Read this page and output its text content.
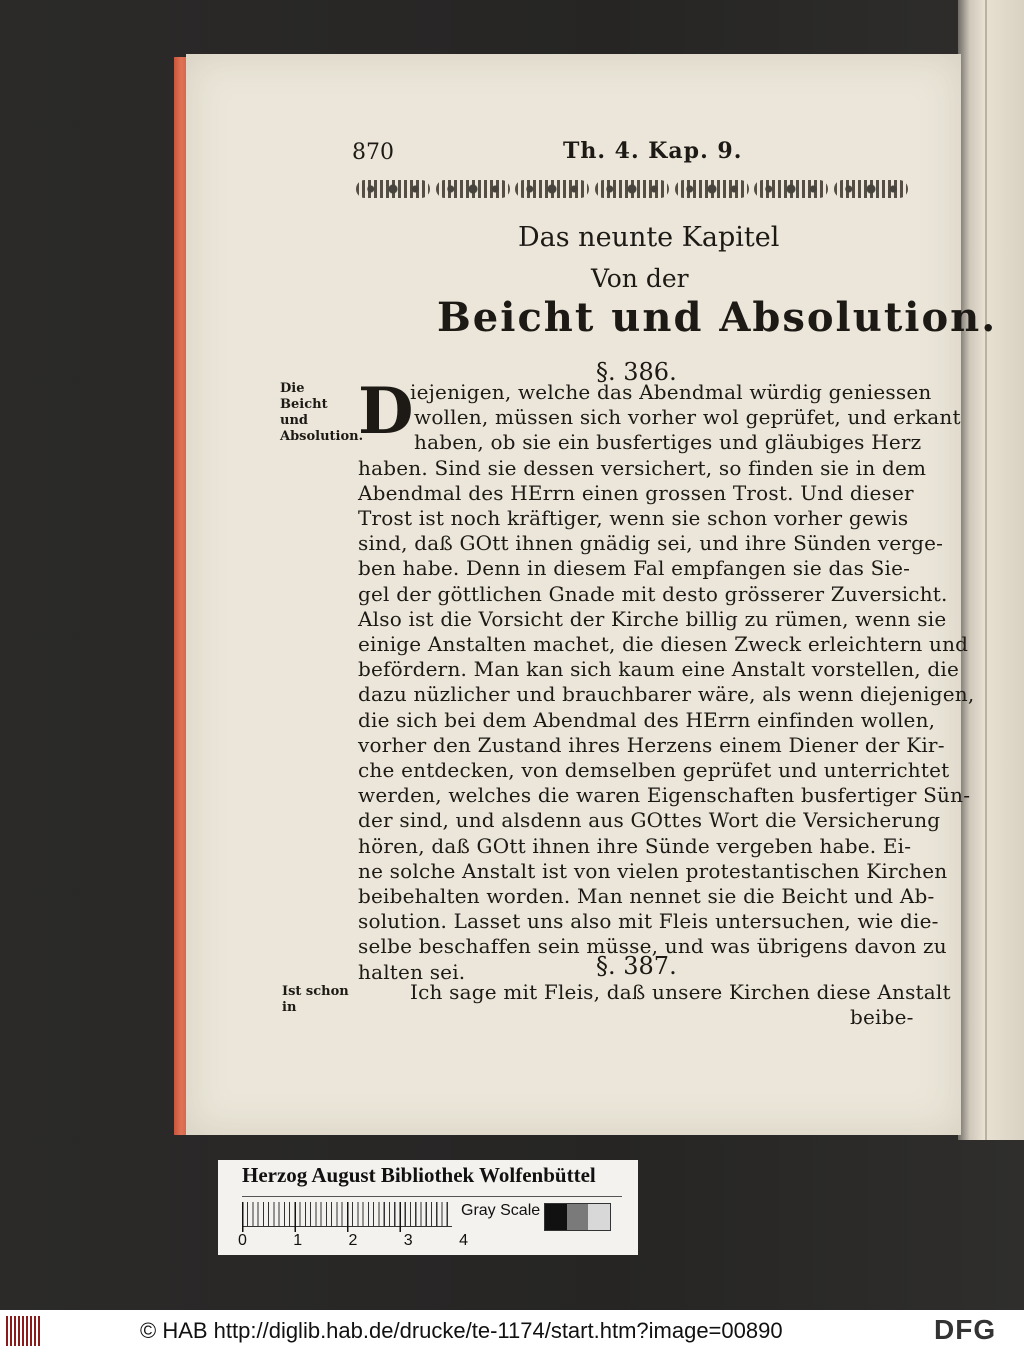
870	Th. 4. Kap. 9.
Das neunte Kapitel
Von der
Beicht und Absolution.
§. 386.
Die Beicht und Absolution.
D
iejenigen, welche das Abendmal würdig geniessen
wollen, müssen sich vorher wol geprüfet, und erkant
haben, ob sie ein busfertiges und gläubiges Herz
haben. Sind sie dessen versichert, so finden sie in dem
Abendmal des HErrn einen grossen Trost. Und dieser
Trost ist noch kräftiger, wenn sie schon vorher gewis
sind, daß GOtt ihnen gnädig sei, und ihre Sünden verge-
ben habe. Denn in diesem Fal empfangen sie das Sie-
gel der göttlichen Gnade mit desto grösserer Zuversicht.
Also ist die Vorsicht der Kirche billig zu rümen, wenn sie
einige Anstalten machet, die diesen Zweck erleichtern und
befördern. Man kan sich kaum eine Anstalt vorstellen, die
dazu nüzlicher und brauchbarer wäre, als wenn diejenigen,
die sich bei dem Abendmal des HErrn einfinden wollen,
vorher den Zustand ihres Herzens einem Diener der Kir-
che entdecken, von demselben geprüfet und unterrichtet
werden, welches die waren Eigenschaften busfertiger Sün-
der sind, und alsdenn aus GOttes Wort die Versicherung
hören, daß GOtt ihnen ihre Sünde vergeben habe. Ei-
ne solche Anstalt ist von vielen protestantischen Kirchen
beibehalten worden. Man nennet sie die Beicht und Ab-
solution. Lasset uns also mit Fleis untersuchen, wie die-
selbe beschaffen sein müsse, und was übrigens davon zu
halten sei.	§. 387.
Ist schon in
Ich sage mit Fleis, daß unsere Kirchen diese Anstalt
beibe-
Herzog August Bibliothek Wolfenbüttel
0	1	2	3	4
Gray Scale
© HAB http://diglib.hab.de/drucke/te-1174/start.htm?image=00890	DFG
